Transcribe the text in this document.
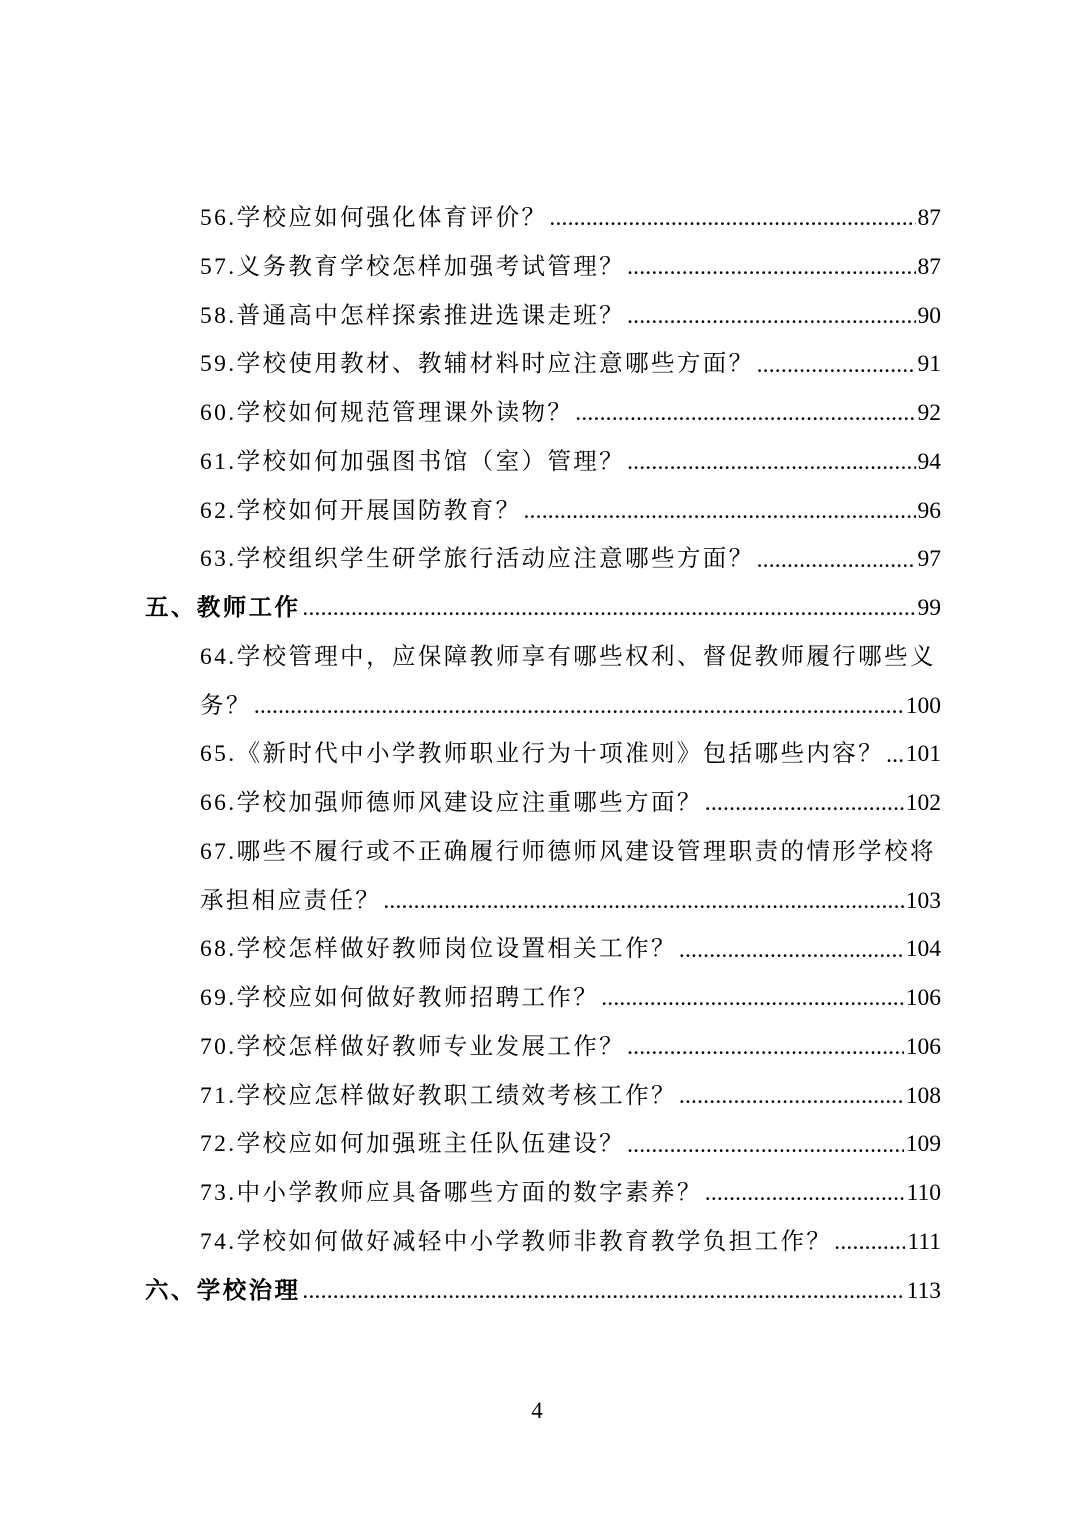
56.学校应如何强化体育评价？ .....	87
57.义务教育学校怎样加强考试管理？ .....	87
58.普通高中怎样探索推进选课走班？ .....	90
59.学校使用教材、教辅材料时应注意哪些方面？ .....	91
60.学校如何规范管理课外读物？ .....	92
61.学校如何加强图书馆（室）管理？ .....	94
62.学校如何开展国防教育？ .....	96
63.学校组织学生研学旅行活动应注意哪些方面？ .....	97
五、教师工作 .....	99
64.学校管理中，应保障教师享有哪些权利、督促教师履行哪些义
务？ .....	100
65.《新时代中小学教师职业行为十项准则》包括哪些内容？ ..... 101
66.学校加强师德师风建设应注重哪些方面？ .....	102
67.哪些不履行或不正确履行师德师风建设管理职责的情形学校将
承担相应责任？ .....	103
68.学校怎样做好教师岗位设置相关工作？ .....	104
69.学校应如何做好教师招聘工作？ .....	106
70.学校怎样做好教师专业发展工作？ .....	106
71.学校应怎样做好教职工绩效考核工作？ .....	108
72.学校应如何加强班主任队伍建设？ .....	109
73.中小学教师应具备哪些方面的数字素养？ .....	110
74.学校如何做好减轻中小学教师非教育教学负担工作？ .....	111
六、学校治理 .....	113
4
